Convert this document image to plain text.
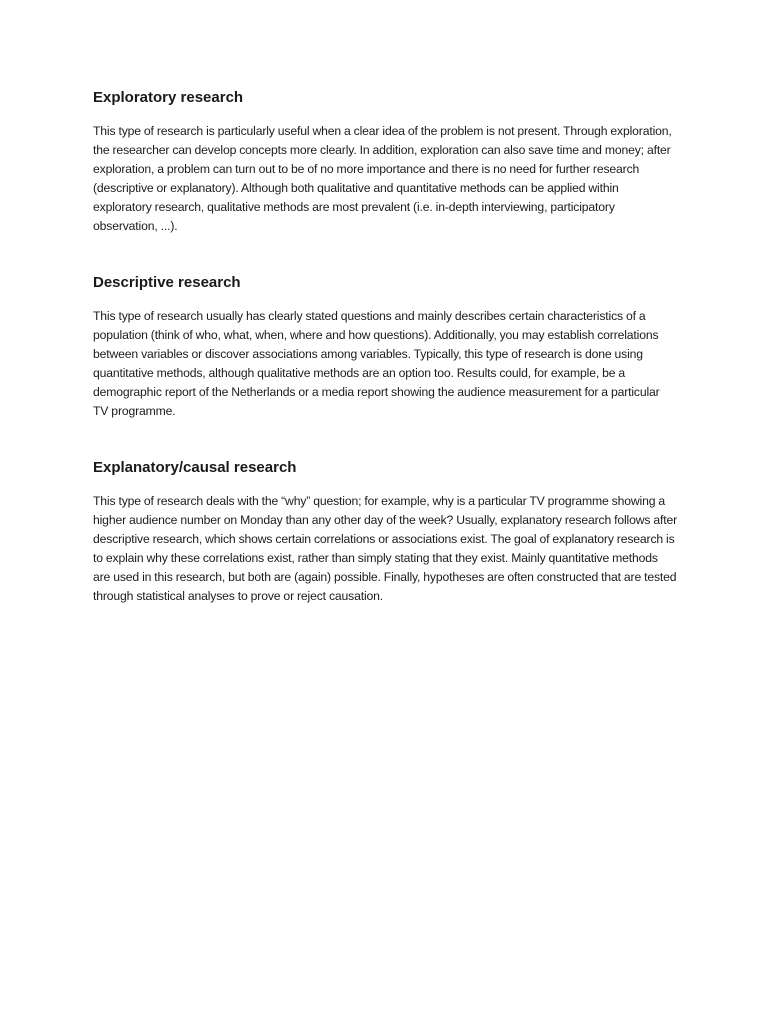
Exploratory research

This type of research is particularly useful when a clear idea of the problem is not present. Through exploration, the researcher can develop concepts more clearly. In addition, exploration can also save time and money; after exploration, a problem can turn out to be of no more importance and there is no need for further research (descriptive or explanatory). Although both qualitative and quantitative methods can be applied within exploratory research, qualitative methods are most prevalent (i.e. in-depth interviewing, participatory observation, ...).

Descriptive research

This type of research usually has clearly stated questions and mainly describes certain characteristics of a population (think of who, what, when, where and how questions). Additionally, you may establish correlations between variables or discover associations among variables. Typically, this type of research is done using quantitative methods, although qualitative methods are an option too. Results could, for example, be a demographic report of the Netherlands or a media report showing the audience measurement for a particular TV programme.

Explanatory/causal research

This type of research deals with the “why” question; for example, why is a particular TV programme showing a higher audience number on Monday than any other day of the week? Usually, explanatory research follows after descriptive research, which shows certain correlations or associations exist. The goal of explanatory research is to explain why these correlations exist, rather than simply stating that they exist. Mainly quantitative methods are used in this research, but both are (again) possible. Finally, hypotheses are often constructed that are tested through statistical analyses to prove or reject causation.
